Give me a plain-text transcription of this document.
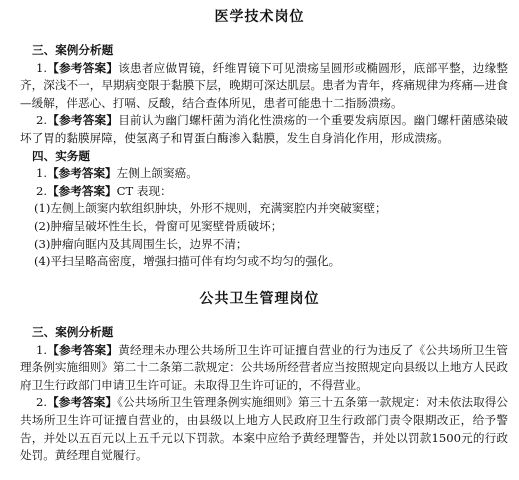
医学技术岗位
三、案例分析题

1.【参考答案】该患者应做胃镜，纤维胃镜下可见溃疡呈圆形或椭圆形，底部平整，边缘整齐，深浅不一，早期病变限于黏膜下层，晚期可深达肌层。患者为青年，疼痛规律为疼痛—进食—缓解，伴恶心、打嗝、反酸，结合查体所见，患者可能患十二指肠溃疡。

2.【参考答案】目前认为幽门螺杆菌为消化性溃疡的一个重要发病原因。幽门螺杆菌感染破坏了胃的黏膜屏障，使氢离子和胃蛋白酶渗入黏膜，发生自身消化作用，形成溃疡。

四、实务题
1.【参考答案】左侧上颌窦癌。
2.【参考答案】CT 表现：
(1)左侧上颌窦内软组织肿块，外形不规则，充满窦腔内并突破窦壁；
(2)肿瘤呈破坏性生长，骨窗可见窦壁骨质破坏；
(3)肿瘤向眶内及其周围生长，边界不清；
(4)平扫呈略高密度，增强扫描可伴有均匀或不均匀的强化。
公共卫生管理岗位
三、案例分析题

1.【参考答案】黄经理未办理公共场所卫生许可证擅自营业的行为违反了《公共场所卫生管理条例实施细则》第二十二条第二款规定：公共场所经营者应当按照规定向县级以上地方人民政府卫生行政部门申请卫生许可证。未取得卫生许可证的，不得营业。

2.【参考答案】《公共场所卫生管理条例实施细则》第三十五条第一款规定：对未依法取得公共场所卫生许可证擅自营业的，由县级以上地方人民政府卫生行政部门责令限期改正，给予警告，并处以五百元以上五千元以下罚款。本案中应给予黄经理警告，并处以罚款1500元的行政处罚。黄经理自觉履行。
